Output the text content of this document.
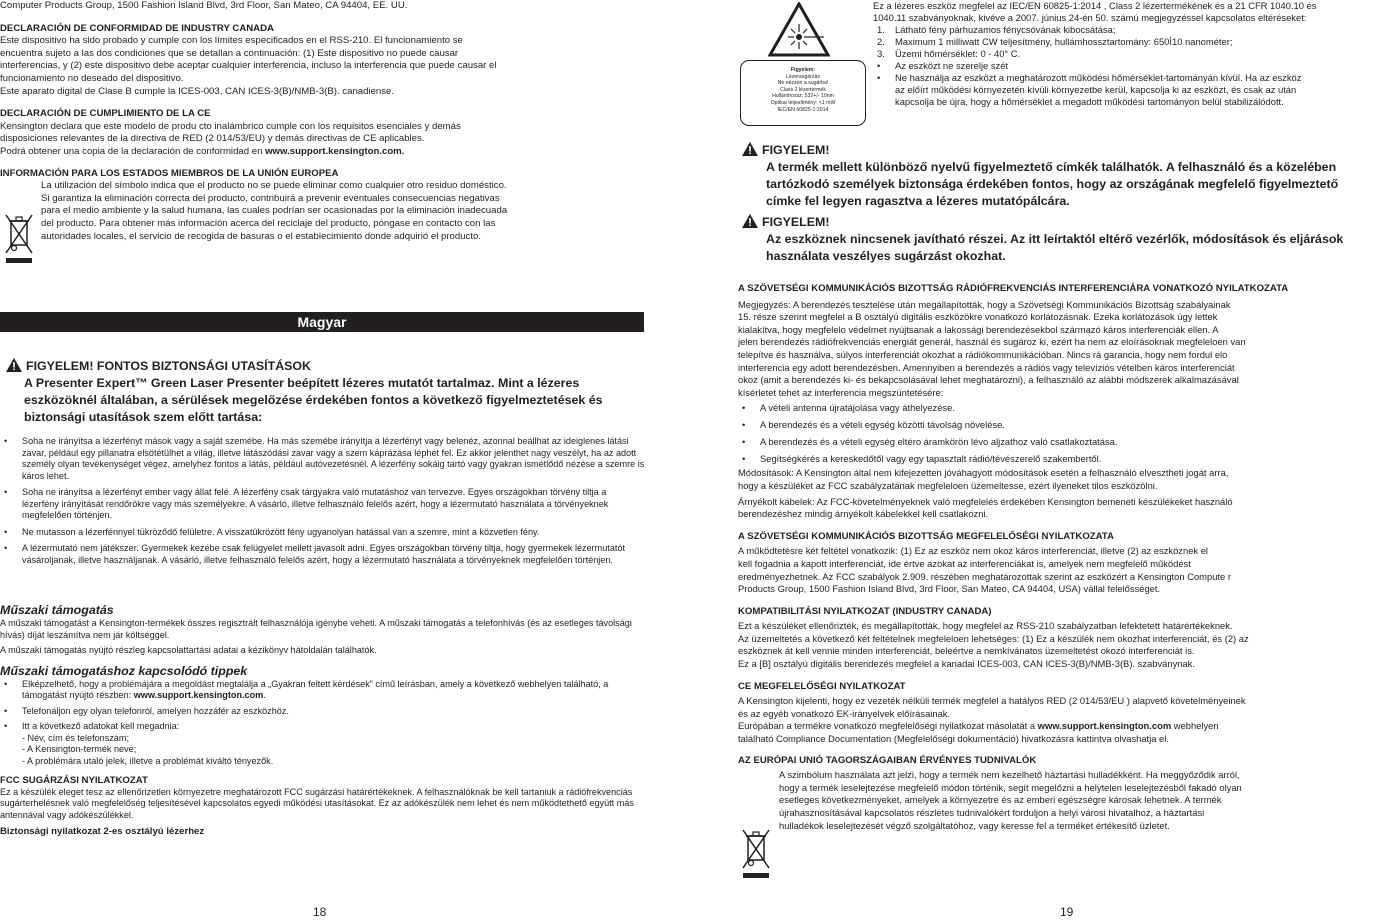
Computer Products Group, 1500 Fashion Island Blvd, 3rd Floor, San Mateo, CA 94404, EE. UU.

DECLARACIÓN DE CONFORMIDAD DE INDUSTRY CANADA

Este dispositivo ha sido probado y cumple con los límites especificados en el RSS-210. El funcionamiento se

encuentra sujeto a las dos condiciones que se detallan a continuación: (1) Este dispositivo no puede causar

interferencias, y (2) este dispositivo debe aceptar cualquier interferencia, incluso la interferencia que puede causar el

funcionamiento no deseado del dispositivo.

Este aparato digital de Clase B cumple la ICES-003, CAN ICES-3(B)/NMB-3(B). canadiense.

DECLARACIÓN DE CUMPLIMIENTO DE LA CE

Kensington declara que este modelo de produ cto inalámbrico cumple con los requisitos esenciales y demás

disposiciones relevantes de la directiva de RED (2 014/53/EU) y demás directivas de CE aplicables.

Podrá obtener una copia de la declaración de conformidad en www.support.kensington.com.

INFORMACIÓN PARA LOS ESTADOS MIEMBROS DE LA UNIÓN EUROPEA

La utilización del símbolo indica que el producto no se puede eliminar como cualquier otro residuo doméstico.

Si garantiza la eliminación correcta del producto, contribuirá a prevenir eventuales consecuencias negativas

para el medio ambiente y la salud humana, las cuales podrían ser ocasionadas por la eliminación inadecuada

del producto. Para obtener más información acerca del reciclaje del producto, póngase en contacto con las

autoridades locales, el servicio de recogida de basuras o el establecimiento donde adquirió el producto.

Magyar

FIGYELEM! FONTOS BIZTONSÁGI UTASÍTÁSOK

A Presenter Expert™ Green Laser Presenter beépített lézeres mutatót tartalmaz. Mint a lézeres eszközöknél általában, a sérülések megelőzése érdekében fontos a következő figyelmeztetések és biztonsági utasítások szem előtt tartása:

• Soha ne irányítsa a lézerfényt mások vagy a saját szemébe. Ha más szemébe irányítja a lézerfényt vagy belenéz, azonnal beállhat az ideiglenes látási zavar, például egy pillanatra elsötétülhet a világ, illetve látászódási zavar vagy a szem káprázása léphet fel. Ez akkor jelenthet nagy veszélyt, ha az adott személy olyan tevékenységet végez, amelyhez fontos a látás, például autóvezetésnél. A lézerfény sokáig tartó vagy gyakran ismétlődő nézése a szemre is káros lehet.
• Soha ne irányítsa a lézerfényt ember vagy állat felé. A lézerfény csak tárgyakra való mutatáshoz van tervezve. Egyes országokban törvény tiltja a lézerfény irányítását rendőrökre vagy más személyekre. A vásárló, illetve felhasználó felelős azért, hogy a lézermutató használata a törvényeknek megfelelően történjen.
• Ne mutasson a lézerfénnyel tükröződő felületre. A visszatükrözött fény ugyanolyan hatással van a szemre, mint a közvetlen fény.
• A lézermutató nem játékszer. Gyermekek kezébe csak felügyelet mellett javasolt adni. Egyes országokban törvény tiltja, hogy gyermekek lézermutatót vásároljanak, illetve használjanak. A vásárló, illetve felhasználó felelős azért, hogy a lézermutató használata a törvényeknek megfelelően történjen.

Műszaki támogatás

A műszaki támogatást a Kensington-termékek összes regisztrált felhasználója igénybe veheti. A műszaki támogatás a telefonhívás (és az esetleges távolsági hívás) díját leszámítva nem jár költséggel.

A műszaki támogatás nyújtó részleg kapcsolattartási adatai a kézikönyv hátoldalán találhatók.

Műszaki támogatáshoz kapcsolódó tippek

• Elképzelhető, hogy a problémájára a megoldást megtalálja a „Gyakran feltett kérdések” című leírásban, amely a következő webhelyen található, a támogatást nyújtó részben: www.support.kensington.com.
• Telefonáljon egy olyan telefonról, amelyen hozzáfér az eszközhöz.
• Itt a következő adatokat kell megadnia:

- Név, cím és telefonszám;

- A Kensington-termék neve;

- A problémára utaló jelek, illetve a problémát kiváltó tényezők.

FCC SUGÁRZÁSI NYILATKOZAT

Ez a készülék eleget tesz az ellenőrizetlen környezetre meghatározott FCC sugárzási határértékeknek. A felhasználóknak be kell tartaniuk a rádiófrekvenciás sugárterhelésnek való megfelelőség teljesítésével kapcsolatos egyedi működési utasításokat. Ez az adókészülék nem lehet és nem működtethető együtt más antennával vagy adókészülékkel.

Biztonsági nyilatkozat 2-es osztályú lézerhez

18
Figyelem:
Lézersugárzás
Ne nézzen a sugárba!
Class 2 lézertermék
Hullámhossz: 532+/- 10nm
Optikai teljesítmény: <1 mW
IEC/EN 60825-1:2014

Ez a lézeres eszköz megfelel az IEC/EN 60825-1:2014 , Class 2 lézertermékének és a 21 CFR 1040.10 és

1040.11 szabványoknak, kivéve a 2007. június 24-én 50. számú megjegyzéssel kapcsolatos eltéréseket:

1. Látható fény párhuzamos fénycsóvának kibocsátása;
2. Maximum 1 milliwatt CW teljesítmény, hullámhossztartomány: 650Ì10 nanométer;
3. Üzemi hőmérséklet: 0 - 40° C.
• Az eszközt ne szerelje szét
• Ne használja az eszközt a meghatározott működési hőmérséklet-tartományán kívül. Ha az eszköz az előírt működési környezetén kívüli környezetbe kerül, kapcsolja ki az eszközt, és csak az után kapcsolja be újra, hogy a hőmérséklet a megadott működési tartományon belül stabilizálódott.

FIGYELEM!

A termék mellett különböző nyelvű figyelmeztető címkék találhatók. A felhasználó és a közelében tartózkodó személyek biztonsága érdekében fontos, hogy az országának megfelelő figyelmeztető címke fel legyen ragasztva a lézeres mutatópálcára.

FIGYELEM!

Az eszköznek nincsenek javítható részei. Az itt leírtaktól eltérő vezérlők, módosítások és eljárások használata veszélyes sugárzást okozhat.

A SZÖVETSÉGI KOMMUNIKÁCIÓS BIZOTTSÁG RÁDIÓFREKVENCIÁS INTERFERENCIÁRA VONATKOZÓ NYILATKOZATA

Megjegyzés: A berendezés tesztelése után megállapították, hogy a Szövetségi Kommunikációs Bizottság szabályainak

15. része szerint megfelel a B osztályú digitális eszközökre vonatkozó korlátozásnak. Ezeka korlátozások úgy lettek

kialakítva, hogy megfelelo védelmet nyújtsanak a lakossági berendezésekbol származó káros interferenciák ellen. A

jelen berendezés rádiófrekvenciás energiát generál, használ és sugároz ki, ezért ha nem az eloírásoknak megfeleloen van

telepítve és használva, súlyos interferenciát okozhat a rádiókommunikációban. Nincs rá garancia, hogy nem fordul elo

interferencia egy adott berendezésben. Amennyiben a berendezés a rádiós vagy televíziós vételben káros interferenciát

okoz (amit a berendezés ki- és bekapcsolásával lehet meghatározni), a felhasználó az alábbi módszerek alkalmazásával

kísérletet tehet az interferencia megszüntetésére:

• A vételi antenna újratájolása vagy áthelyezése.
• A berendezés és a vételi egység közötti távolság növelése.
• A berendezés és a vételi egység eltéro áramkörön lévo aljzathoz való csatlakoztatása.
• Segítségkérés a kereskedőtől vagy egy tapasztalt rádió/tévészerelő szakembertől.

Módosítások: A Kensington által nem kifejezetten jóváhagyott módosítások esetén a felhasználó elvesztheti jogát arra,

hogy a készüléket az FCC szabályzatának megfeleloen üzemeltesse, ezért ilyeneket tilos eszközölni.

Árnyékolt kábelek: Az FCC-követelményeknek való megfelelés érdekében Kensington bemeneti készülékeket használó

berendezéshez mindig árnyékolt kábelekkel kell csatlakozni.

A SZÖVETSÉGI KOMMUNIKÁCIÓS BIZOTTSÁG MEGFELELŐSÉGI NYILATKOZATA

A működtetésre két feltétel vonatkozik: (1) Ez az eszköz nem okoz káros interferenciát, illetve (2) az eszköznek el

kell fogadnia a kapott interferenciát, ide értve azokat az interferenciákat is, amelyek nem megfelelő működést

eredményezhetnek. Az FCC szabályok 2.909. részében meghatározottak szerint az eszközért a Kensington Compute r

Products Group, 1500 Fashion Island Blvd, 3rd Floor, San Mateo, CA 94404, USA) vállal felelősséget.

KOMPATIBILITÁSI NYILATKOZAT (INDUSTRY CANADA)

Ezt a készüléket ellenőrizték, és megállapították, hogy megfelel az RSS-210 szabályzatban lefektetett határértékeknek.

Az üzemeltetés a következő két feltételnek megfeleloen lehetséges: (1) Ez a készülék nem okozhat interferenciát, és (2) az

eszköznek át kell vennie minden interferenciát, beleértve a nemkívánatos üzemeltetést okozó interferenciát is.

Ez a [B] osztályú digitális berendezés megfelel a kanadai ICES-003, CAN ICES-3(B)/NMB-3(B). szabványnak.

CE MEGFELELŐSÉGI NYILATKOZAT

A Kensington kijelenti, hogy ez vezeték nélküli termék megfelel a hatályos RED (2 014/53/EU ) alapvető követelményeinek

és az egyéb vonatkozó EK-irányelvek előírásainak.

Európában a termékre vonatkozó megfelelőségi nyilatkozat másolatát a www.support.kensington.com webhelyen

található Compliance Documentation (Megfelelőségi dokumentáció) hivatkozásra kattintva olvashatja el.

AZ EURÓPAI UNIÓ TAGORSZÁGAIBAN ÉRVÉNYES TUDNIVALÓK

A szimbólum használata azt jelzi, hogy a termék nem kezelhető háztartási hulladékként. Ha meggyőződik arról,

hogy a termék leselejtezése megfelelő módon történik, segít megelőzni a helytelen leselejtezésből fakadó olyan

esetleges következményeket, amelyek a környezetre és az emberi egészségre károsak lehetnek. A termék

újrahasznosításával kapcsolatos részletes tudnivalókért forduljon a helyi városi hivatalhoz, a háztartási

hulladékok leselejtezését végző szolgáltatóhoz, vagy keresse fel a terméket értékesítő üzletet.

19
